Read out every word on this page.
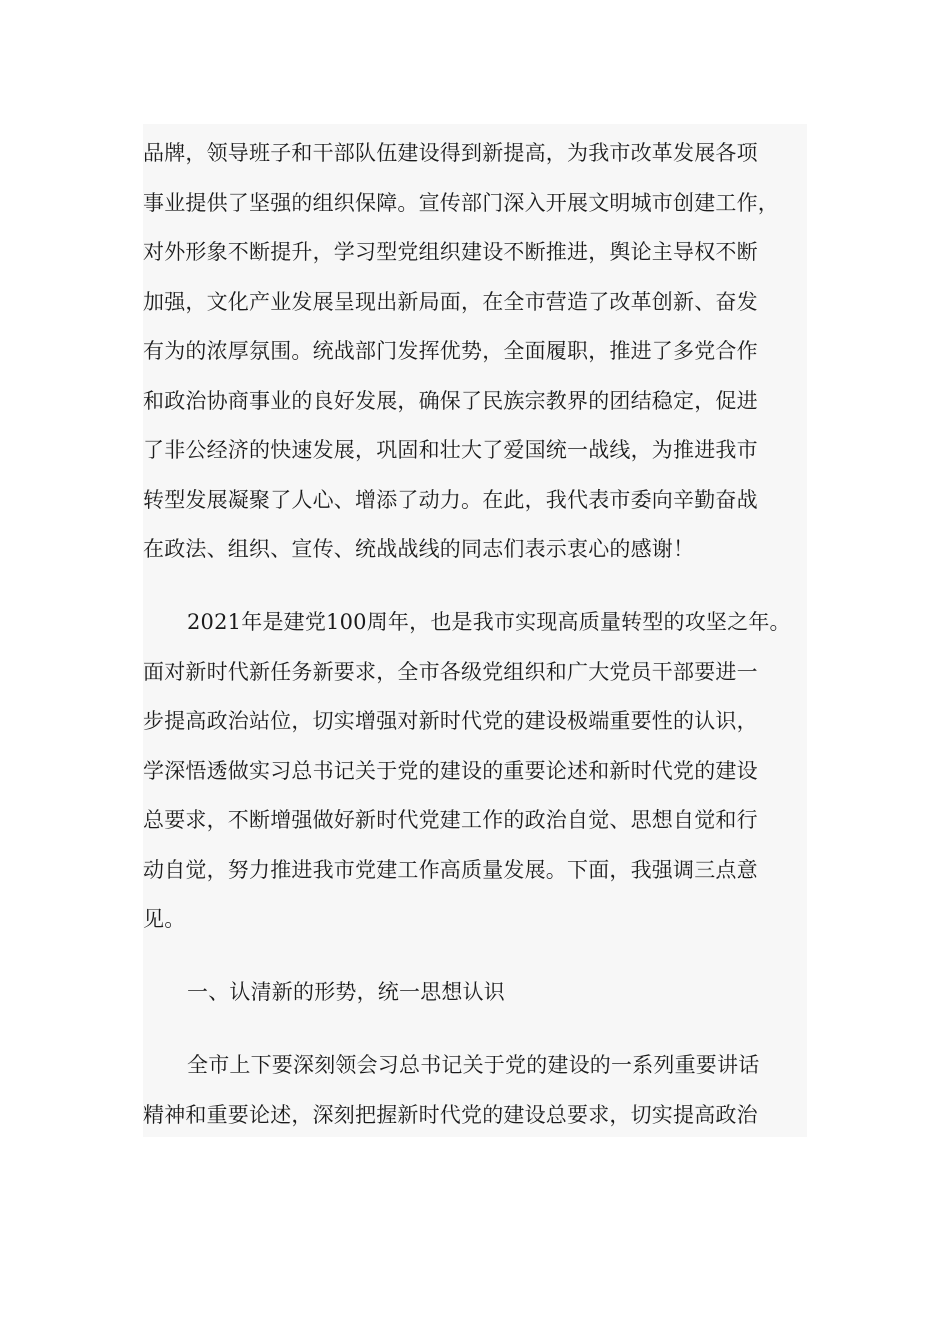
品牌，领导班子和干部队伍建设得到新提高，为我市改革发展各项
事业提供了坚强的组织保障。宣传部门深入开展文明城市创建工作，
对外形象不断提升，学习型党组织建设不断推进，舆论主导权不断
加强，文化产业发展呈现出新局面，在全市营造了改革创新、奋发
有为的浓厚氛围。统战部门发挥优势，全面履职，推进了多党合作
和政治协商事业的良好发展，确保了民族宗教界的团结稳定，促进
了非公经济的快速发展，巩固和壮大了爱国统一战线，为推进我市
转型发展凝聚了人心、增添了动力。在此，我代表市委向辛勤奋战
在政法、组织、宣传、统战战线的同志们表示衷心的感谢！
2021年是建党100周年，也是我市实现高质量转型的攻坚之年。
面对新时代新任务新要求，全市各级党组织和广大党员干部要进一
步提高政治站位，切实增强对新时代党的建设极端重要性的认识，
学深悟透做实习总书记关于党的建设的重要论述和新时代党的建设
总要求，不断增强做好新时代党建工作的政治自觉、思想自觉和行
动自觉，努力推进我市党建工作高质量发展。下面，我强调三点意
见。
一、认清新的形势，统一思想认识
全市上下要深刻领会习总书记关于党的建设的一系列重要讲话
精神和重要论述，深刻把握新时代党的建设总要求，切实提高政治
